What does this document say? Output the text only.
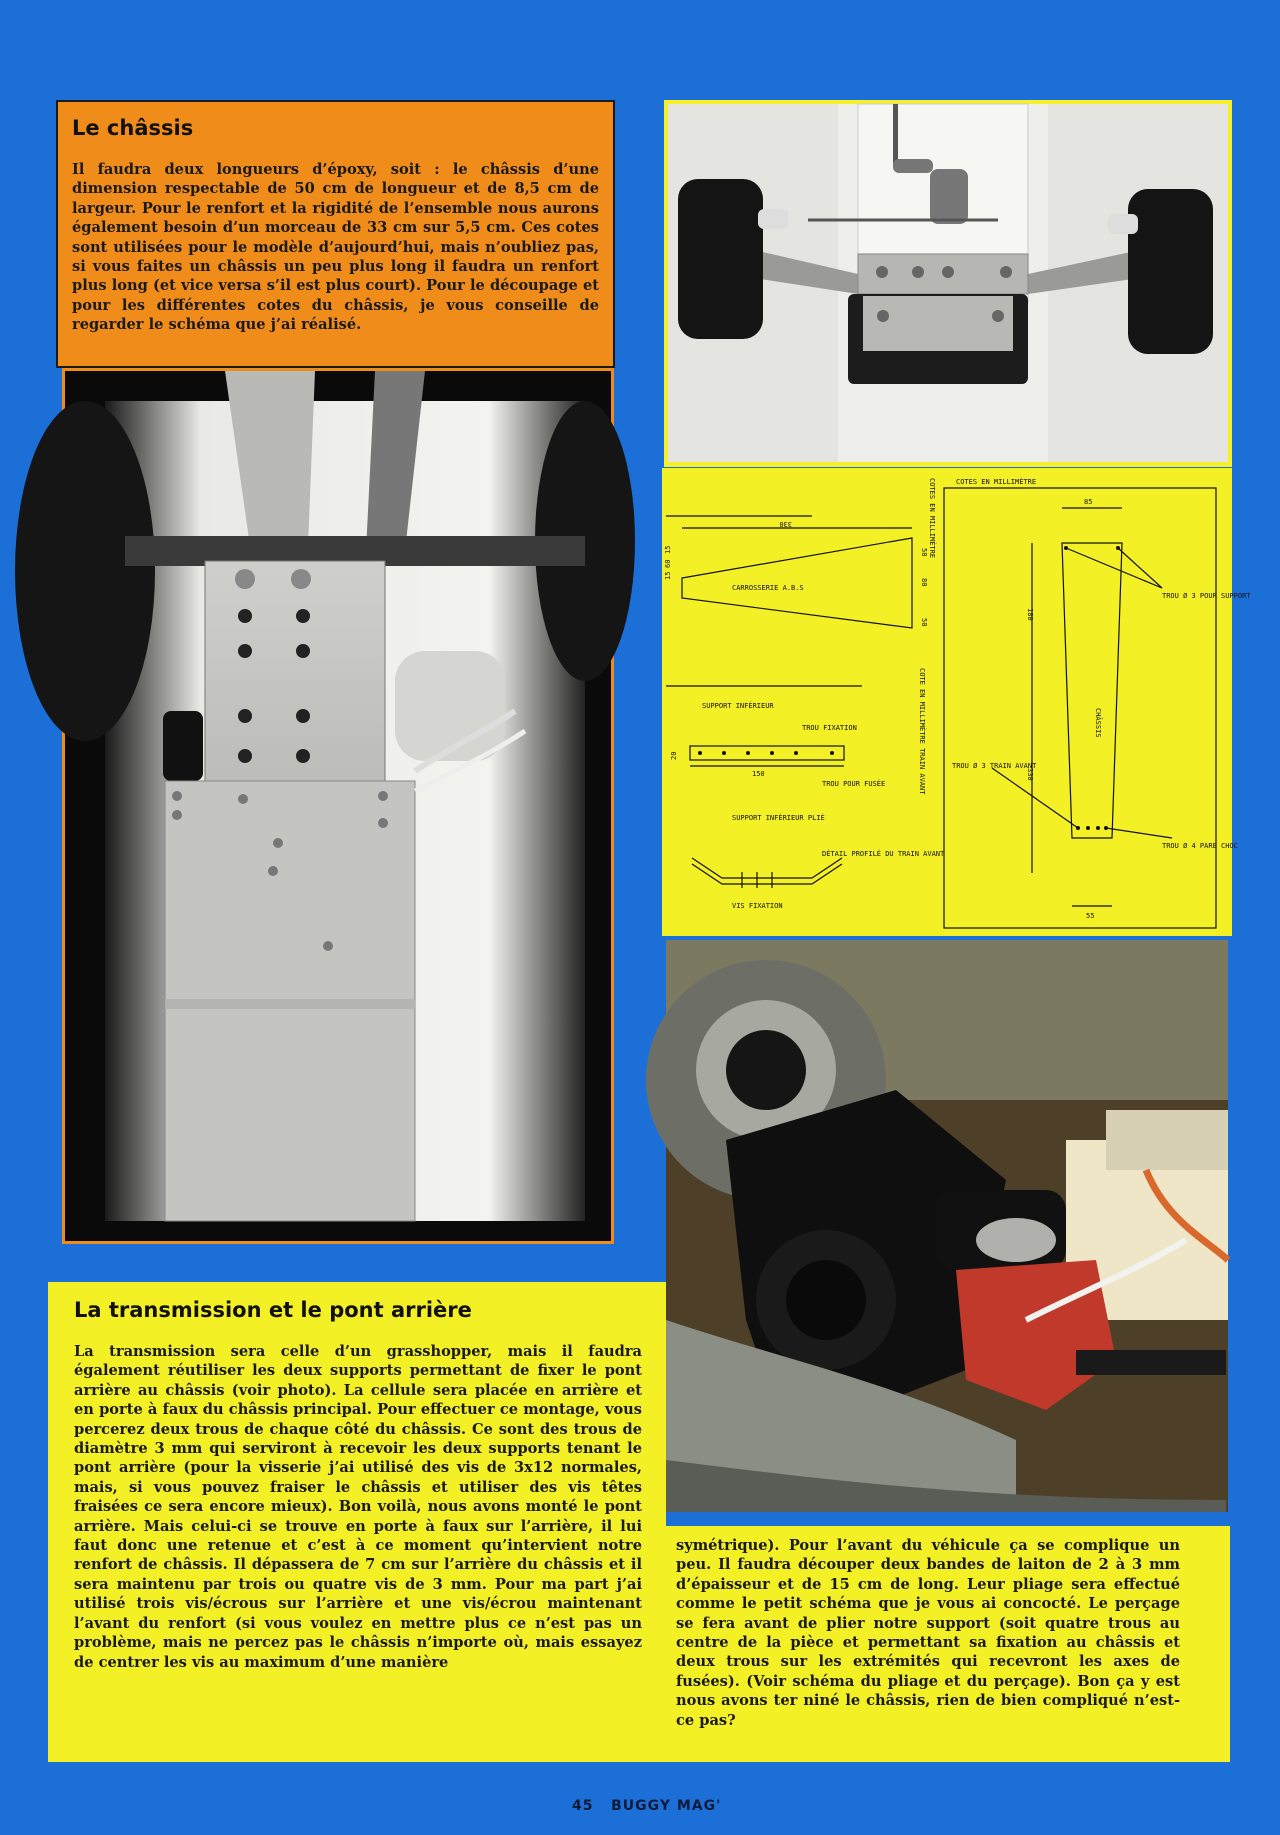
Le châssis

Il faudra deux longueurs d’époxy, soit : le châssis d’une dimension respectable de 50 cm de longueur et de 8,5 cm de largeur. Pour le renfort et la rigidité de l’ensemble nous aurons également besoin d’un morceau de 33 cm sur 5,5 cm. Ces cotes sont utilisées pour le modèle d’aujourd’hui, mais n’oubliez pas, si vous faites un châssis un peu plus long il faudra un renfort plus long (et vice versa s’il est plus court). Pour le découpage et pour les différentes cotes du châssis, je vous conseille de regarder le schéma que j’ai réalisé.

330
CARROSSERIE A.B.S
15
60
15	50
80
50
COTES EN MILLIMÈTRE	85
COTES EN MILLIMÈTRE
CHÂSSIS
180
330
55
TROU Ø 3 POUR SUPPORT
TROU Ø 3 TRAIN AVANT
TROU Ø 4 PARE CHOC
SUPPORT INFÉRIEUR
TROU FIXATION
20
150
TROU POUR FUSÉE
SUPPORT INFÉRIEUR PLIÉ
VIS FIXATION
DÉTAIL PROFILÉ DU TRAIN AVANT
COTE EN MILLIMÈTRE TRAIN AVANT
La transmission et le pont arrière

La transmission sera celle d’un grasshopper, mais il faudra également réutiliser les deux supports permettant de fixer le pont arrière au châssis (voir photo). La cellule sera placée en arrière et en porte à faux du châssis principal. Pour effectuer ce montage, vous percerez deux trous de chaque côté du châssis. Ce sont des trous de diamètre 3 mm qui serviront à recevoir les deux supports tenant le pont arrière (pour la visserie j’ai utilisé des vis de 3x12 normales, mais, si vous pouvez fraiser le châssis et utiliser des vis têtes fraisées ce sera encore mieux). Bon voilà, nous avons monté le pont arrière. Mais celui-ci se trouve en porte à faux sur l’arrière, il lui faut donc une retenue et c’est à ce moment qu’intervient notre renfort de châssis. Il dépassera de 7 cm sur l’arrière du châssis et il sera maintenu par trois ou quatre vis de 3 mm. Pour ma part j’ai utilisé trois vis/écrous sur l’arrière et une vis/écrou maintenant l’avant du renfort (si vous voulez en mettre plus ce n’est pas un problème, mais ne percez pas le châssis n’importe où, mais essayez de centrer les vis au maximum d’une manière

symétrique). Pour l’avant du véhicule ça se complique un peu. Il faudra découper deux bandes de laiton de 2 à 3 mm d’épaisseur et de 15 cm de long. Leur pliage sera effectué comme le petit schéma que je vous ai concocté. Le perçage se fera avant de plier notre support (soit quatre trous au centre de la pièce et permettant sa fixation au châssis et deux trous sur les extrémités qui recevront les axes de fusées). (Voir schéma du pliage et du perçage). Bon ça y est nous avons ter niné le châssis, rien de bien compliqué n’est-ce pas?

45 BUGGY MAG'
